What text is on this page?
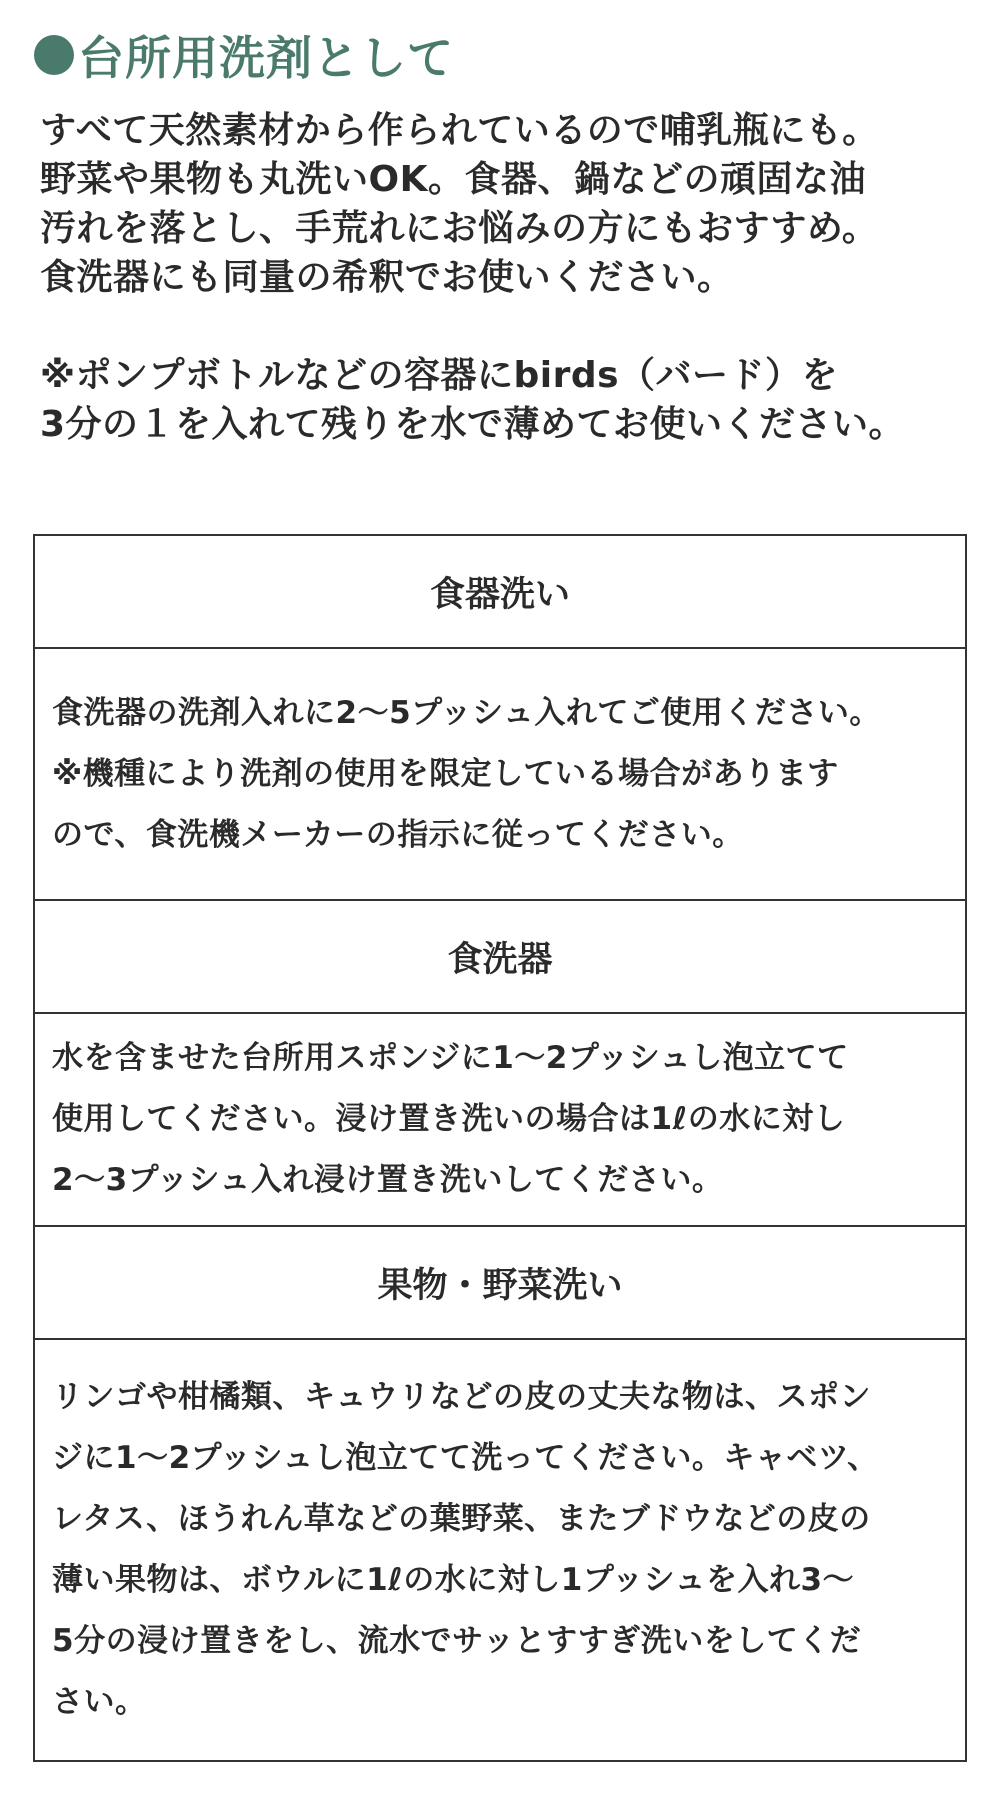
台所用洗剤として
すべて天然素材から作られているので哺乳瓶にも。
野菜や果物も丸洗いOK。食器、鍋などの頑固な油
汚れを落とし、手荒れにお悩みの方にもおすすめ。
食洗器にも同量の希釈でお使いください。
※ポンプボトルなどの容器にbirds（バード）を
3分の１を入れて残りを水で薄めてお使いください。
食器洗い
食洗器の洗剤入れに2〜5プッシュ入れてご使用ください。
※機種により洗剤の使用を限定している場合があります
ので、食洗機メーカーの指示に従ってください。
食洗器
水を含ませた台所用スポンジに1〜2プッシュし泡立てて
使用してください。浸け置き洗いの場合は1ℓの水に対し
2〜3プッシュ入れ浸け置き洗いしてください。
果物・野菜洗い
リンゴや柑橘類、キュウリなどの皮の丈夫な物は、スポン
ジに1〜2プッシュし泡立てて洗ってください。キャベツ、
レタス、ほうれん草などの葉野菜、またブドウなどの皮の
薄い果物は、ボウルに1ℓの水に対し1プッシュを入れ3〜
5分の浸け置きをし、流水でサッとすすぎ洗いをしてくだ
さい。
